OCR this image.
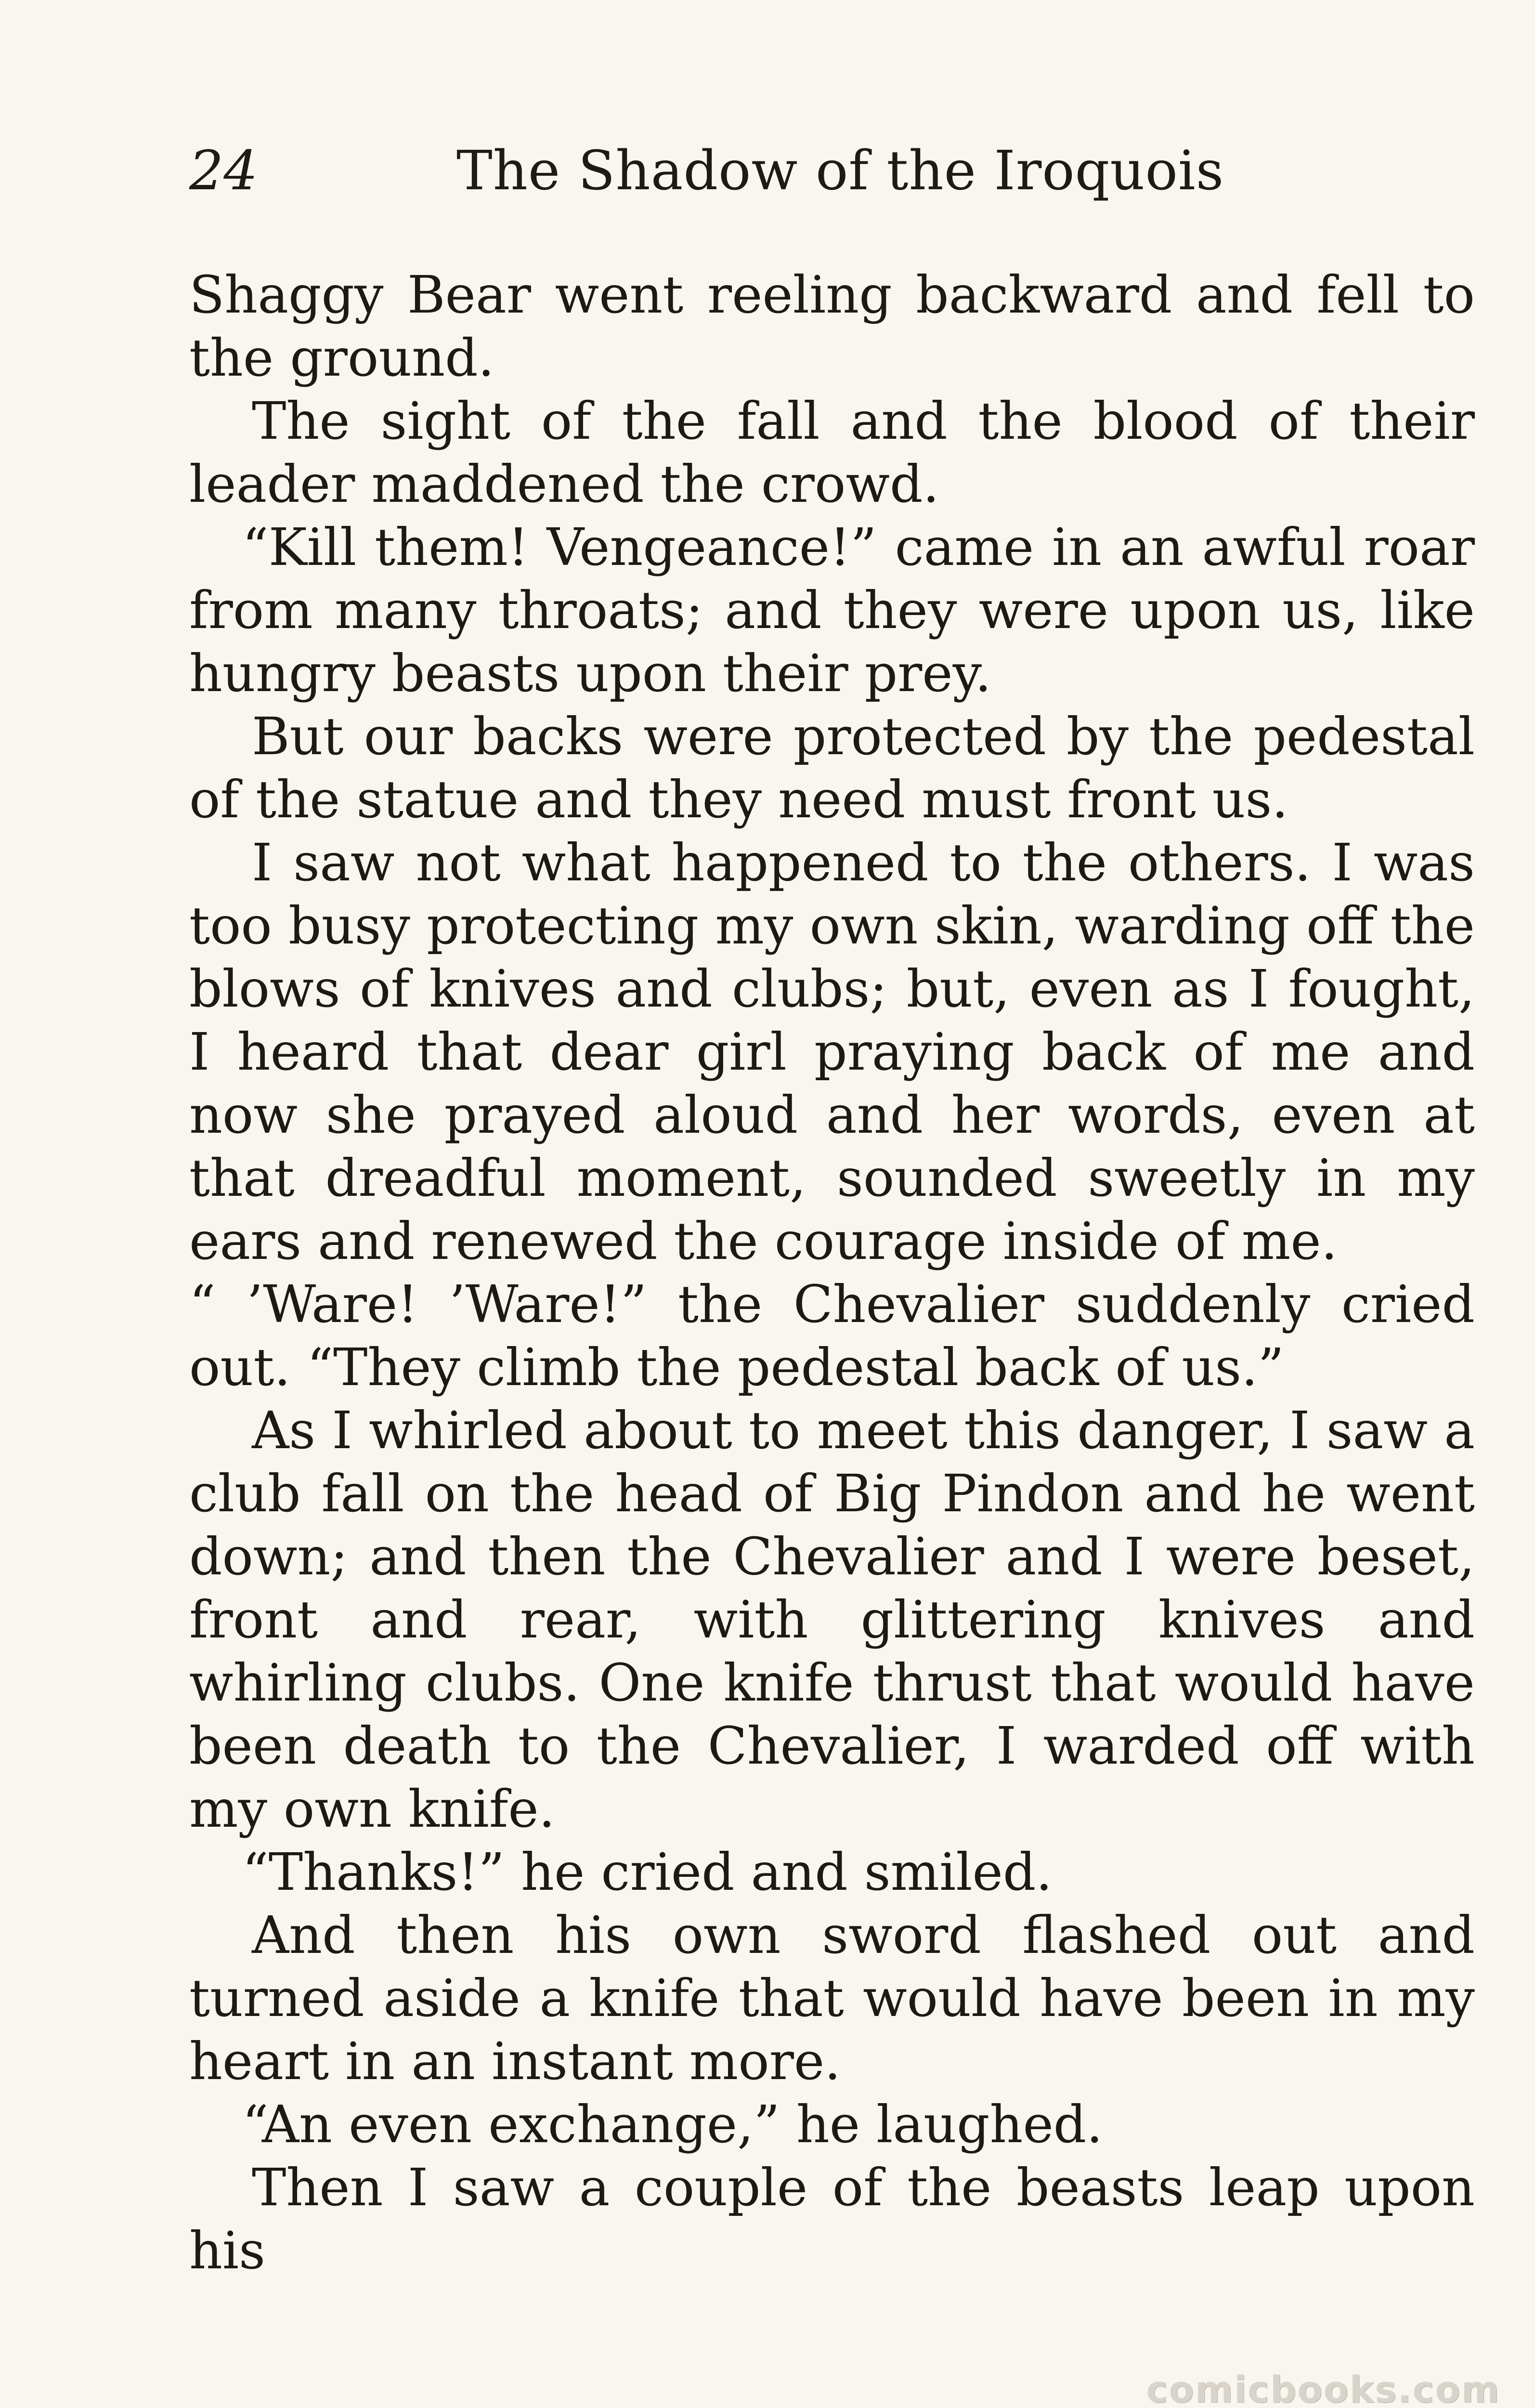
24	The Shadow of the Iroquois

Shaggy Bear went reeling backward and fell to the ground.

The sight of the fall and the blood of their leader maddened the crowd.

“Kill them! Vengeance!” came in an awful roar from many throats; and they were upon us, like hungry beasts upon their prey.

But our backs were protected by the pedestal of the statue and they need must front us.

I saw not what happened to the others. I was too busy protecting my own skin, warding off the blows of knives and clubs; but, even as I fought, I heard that dear girl praying back of me and now she prayed aloud and her words, even at that dreadful moment, sounded sweetly in my ears and renewed the courage inside of me.

“ ’Ware! ’Ware!” the Chevalier suddenly cried out. “They climb the pedestal back of us.”

As I whirled about to meet this danger, I saw a club fall on the head of Big Pindon and he went down; and then the Chevalier and I were beset, front and rear, with glittering knives and whirling clubs. One knife thrust that would have been death to the Chevalier, I warded off with my own knife.

“Thanks!” he cried and smiled.

And then his own sword flashed out and turned aside a knife that would have been in my heart in an instant more.

“An even exchange,” he laughed.

Then I saw a couple of the beasts leap upon his

comicbooks.com
